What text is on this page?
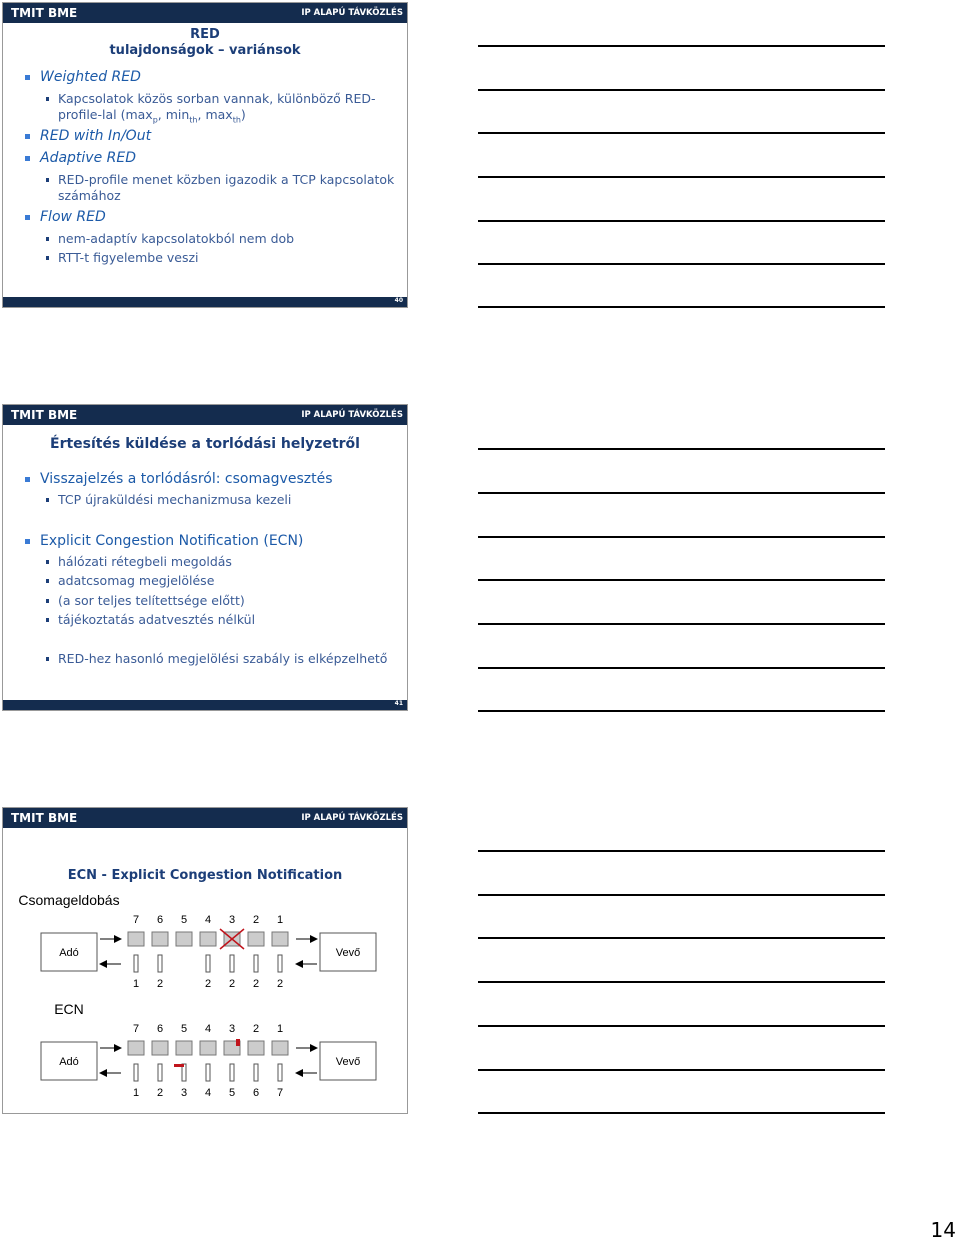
TMIT BME	IP ALAPÚ TÁVKÖZLÉS
RED
tulajdonságok – variánsok
Weighted RED
Kapcsolatok közös sorban vannak, különböző RED-
profile-lal ($\max_p$, $\min_{th}$, $\max_{th}$)
RED with In/Out
Adaptive RED
RED-profile menet közben igazodik a TCP kapcsolatok
számához
Flow RED
nem-adaptív kapcsolatokból nem dob
RTT-t figyelembe veszi
40
TMIT BME	IP ALAPÚ TÁVKÖZLÉS
Értesítés küldése a torlódási helyzetről
Visszajelzés a torlódásról: csomagvesztés
TCP újraküldési mechanizmusa kezeli
Explicit Congestion Notification (ECN)
hálózati rétegbeli megoldás
adatcsomag megjelölése
(a sor teljes telítettsége előtt)
tájékoztatás adatvesztés nélkül
RED-hez hasonló megjelölési szabály is elképzelhető
41
TMIT BME	IP ALAPÚ TÁVKÖZLÉS
ECN - Explicit Congestion Notification
Csomageldobás
7 6 5 4 3 2 1
Adó	Vevő
1 2	2 2 2 2
ECN
7 6 5 4 3 2 1
Adó	Vevő
1 2 3 4 5 6 7
14
